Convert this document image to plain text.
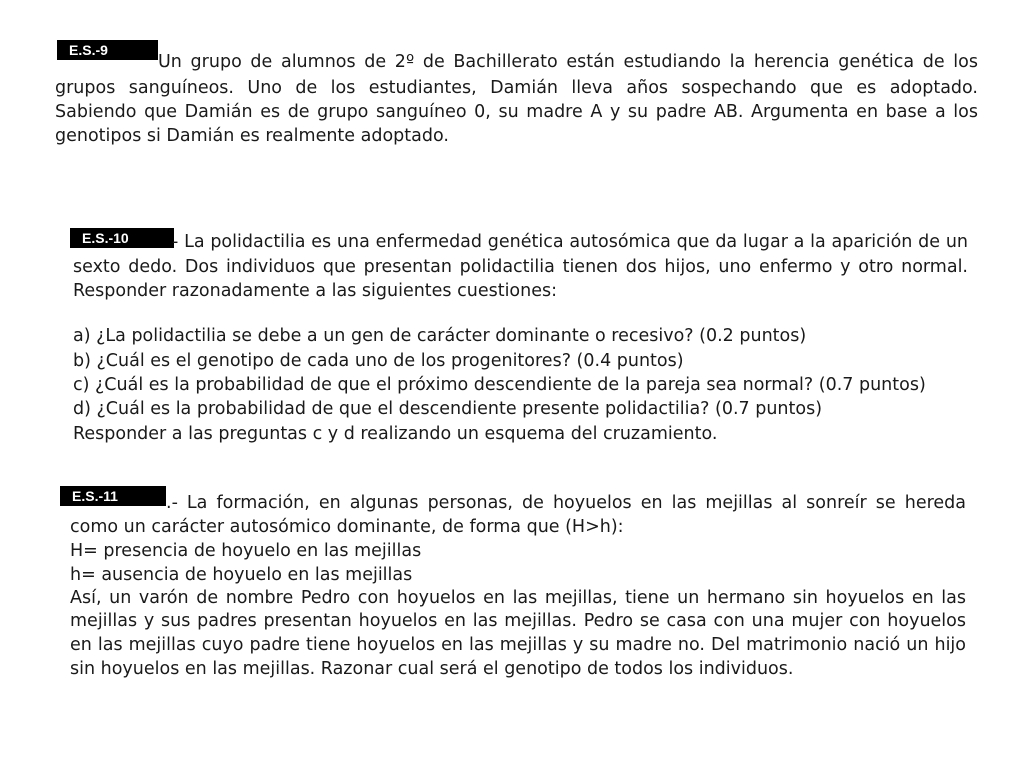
E.S.-9
Un grupo de alumnos de 2º de Bachillerato están estudiando la herencia genética de los
grupos sanguíneos. Uno de los estudiantes, Damián lleva años sospechando que es adoptado.
Sabiendo que Damián es de grupo sanguíneo 0, su madre A y su padre AB. Argumenta en base a los
genotipos si Damián es realmente adoptado.
E.S.-10	- La polidactilia es una enfermedad genética autosómica que da lugar a la aparición de un
sexto dedo. Dos individuos que presentan polidactilia tienen dos hijos, uno enfermo y otro normal.
Responder razonadamente a las siguientes cuestiones:
a) ¿La polidactilia se debe a un gen de carácter dominante o recesivo? (0.2 puntos)
b) ¿Cuál es el genotipo de cada uno de los progenitores? (0.4 puntos)
c) ¿Cuál es la probabilidad de que el próximo descendiente de la pareja sea normal? (0.7 puntos)
d) ¿Cuál es la probabilidad de que el descendiente presente polidactilia? (0.7 puntos)
Responder a las preguntas c y d realizando un esquema del cruzamiento.
E.S.-11	.- La formación, en algunas personas, de hoyuelos en las mejillas al sonreír se hereda
como un carácter autosómico dominante, de forma que (H>h):
H= presencia de hoyuelo en las mejillas
h= ausencia de hoyuelo en las mejillas
Así, un varón de nombre Pedro con hoyuelos en las mejillas, tiene un hermano sin hoyuelos en las
mejillas y sus padres presentan hoyuelos en las mejillas. Pedro se casa con una mujer con hoyuelos
en las mejillas cuyo padre tiene hoyuelos en las mejillas y su madre no. Del matrimonio nació un hijo
sin hoyuelos en las mejillas. Razonar cual será el genotipo de todos los individuos.
